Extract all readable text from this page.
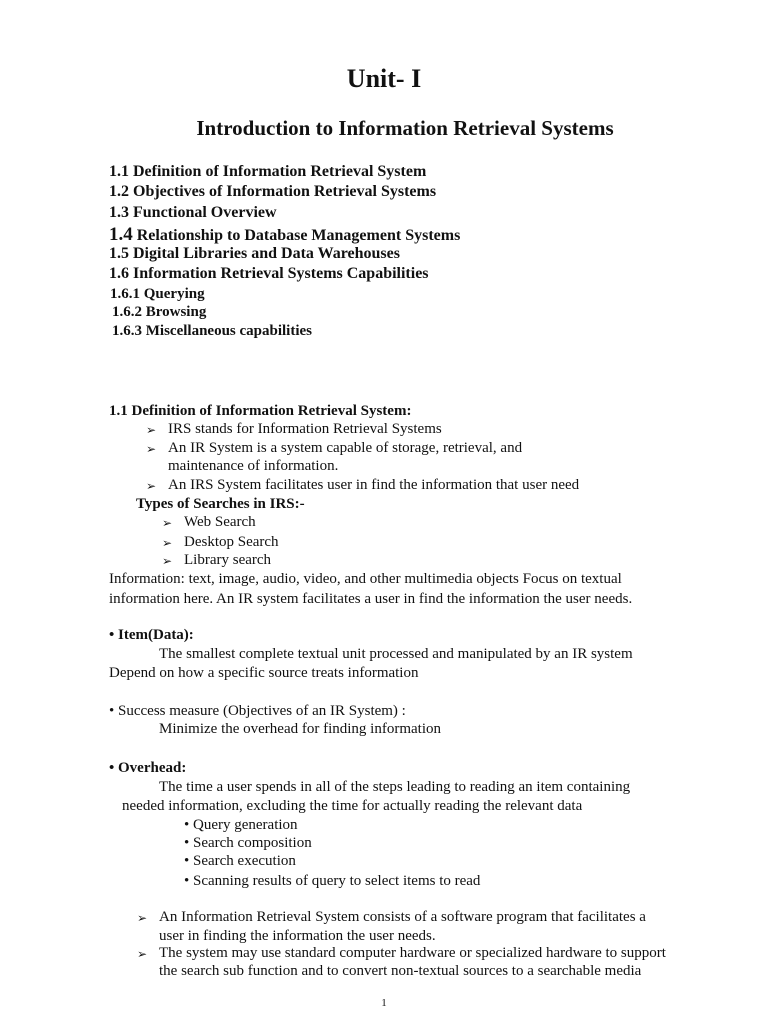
Unit- I
Introduction to Information Retrieval Systems
1.1 Definition of Information Retrieval System
1.2 Objectives of Information Retrieval Systems
1.3 Functional Overview
1.4 Relationship to Database Management Systems
1.5 Digital Libraries and Data Warehouses
1.6 Information Retrieval Systems Capabilities
1.6.1 Querying
1.6.2 Browsing
1.6.3 Miscellaneous capabilities
1.1 Definition of Information Retrieval System:
➢ IRS stands for Information Retrieval Systems
➢ An IR System is a system capable of storage, retrieval, and
maintenance of information.
➢ An IRS System facilitates user in find the information that user need
Types of Searches in IRS:-
➢ Web Search
➢ Desktop Search
➢ Library search
Information: text, image, audio, video, and other multimedia objects Focus on textual
information here. An IR system facilitates a user in find the information the user needs.
• Item(Data):
The smallest complete textual unit processed and manipulated by an IR system
Depend on how a specific source treats information
• Success measure (Objectives of an IR System) :
Minimize the overhead for finding information
• Overhead:
The time a user spends in all of the steps leading to reading an item containing
needed information, excluding the time for actually reading the relevant data
• Query generation
• Search composition
• Search execution
• Scanning results of query to select items to read
➢ An Information Retrieval System consists of a software program that facilitates a
user in finding the information the user needs.
➢ The system may use standard computer hardware or specialized hardware to support
the search sub function and to convert non-textual sources to a searchable media
1
